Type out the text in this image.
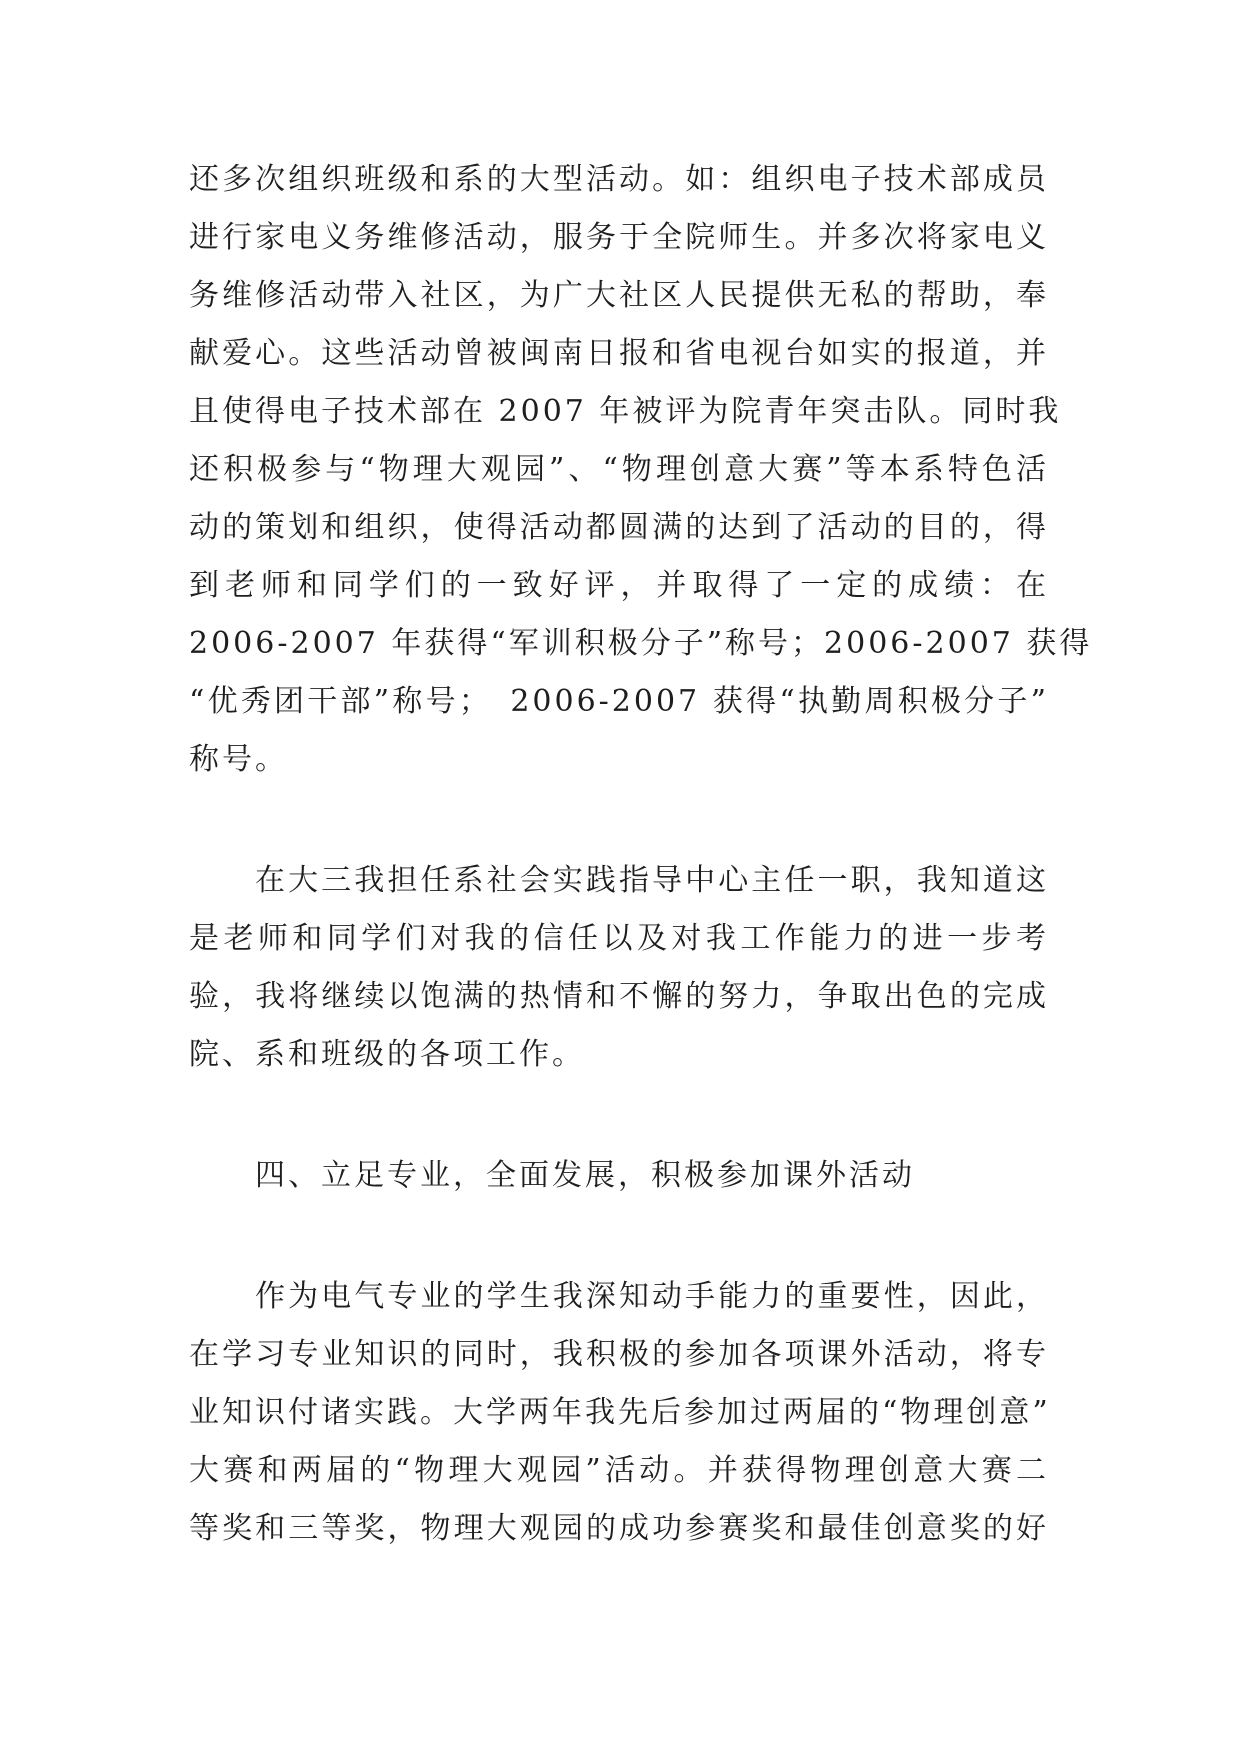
还多次组织班级和系的大型活动。如：组织电子技术部成员
进行家电义务维修活动，服务于全院师生。并多次将家电义
务维修活动带入社区，为广大社区人民提供无私的帮助，奉
献爱心。这些活动曾被闽南日报和省电视台如实的报道，并
且使得电子技术部在 2007 年被评为院青年突击队。同时我
还积极参与“物理大观园”、“物理创意大赛”等本系特色活
动的策划和组织，使得活动都圆满的达到了活动的目的，得
到老师和同学们的一致好评，并取得了一定的成绩：在
2006-2007 年获得“军训积极分子”称号；2006-2007 获得
“优秀团干部”称号；　2006-2007 获得“执勤周积极分子”
称号。
在大三我担任系社会实践指导中心主任一职，我知道这
是老师和同学们对我的信任以及对我工作能力的进一步考
验，我将继续以饱满的热情和不懈的努力，争取出色的完成
院、系和班级的各项工作。
四、立足专业，全面发展，积极参加课外活动
作为电气专业的学生我深知动手能力的重要性，因此，
在学习专业知识的同时，我积极的参加各项课外活动，将专
业知识付诸实践。大学两年我先后参加过两届的“物理创意”
大赛和两届的“物理大观园”活动。并获得物理创意大赛二
等奖和三等奖，物理大观园的成功参赛奖和最佳创意奖的好
